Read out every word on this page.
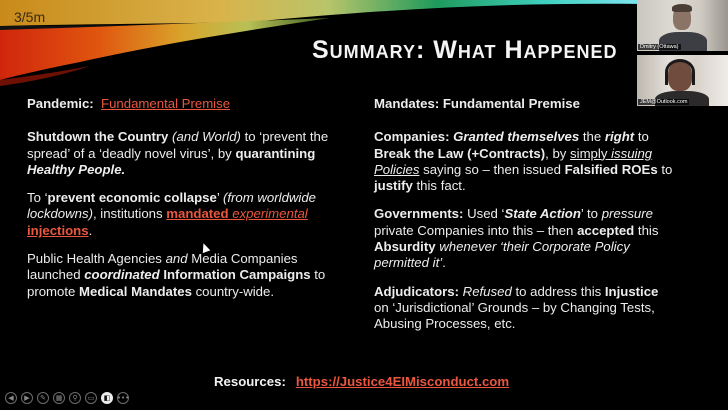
3/5m
Summary: What Happened

Pandemic: Fundamental Premise

Shutdown the Country (and World) to ‘prevent the spread’ of a ‘deadly novel virus’, by quarantining Healthy People.

To ‘prevent economic collapse’ (from worldwide lockdowns), institutions mandated experimental injections.

Public Health Agencies and Media Companies launched coordinated Information Campaigns to promote Medical Mandates country-wide.

Mandates: Fundamental Premise

Companies: Granted themselves the right to Break the Law (+Contracts), by simply issuing Policies saying so – then issued Falsified ROEs to justify this fact.

Governments: Used ‘State Action’ to pressure private Companies into this – then accepted this Absurdity whenever ‘their Corporate Policy permitted it’.

Adjudicators: Refused to address this Injustice on ‘Jurisdictional’ Grounds – by Changing Tests, Abusing Processes, etc.

Resources: https://Justice4EIMisconduct.com
◀ ▶ ✎ ▦ ⚲ ▭ ◧ •••
Dmitry (Ottawa)
JEM@Outlook.com
